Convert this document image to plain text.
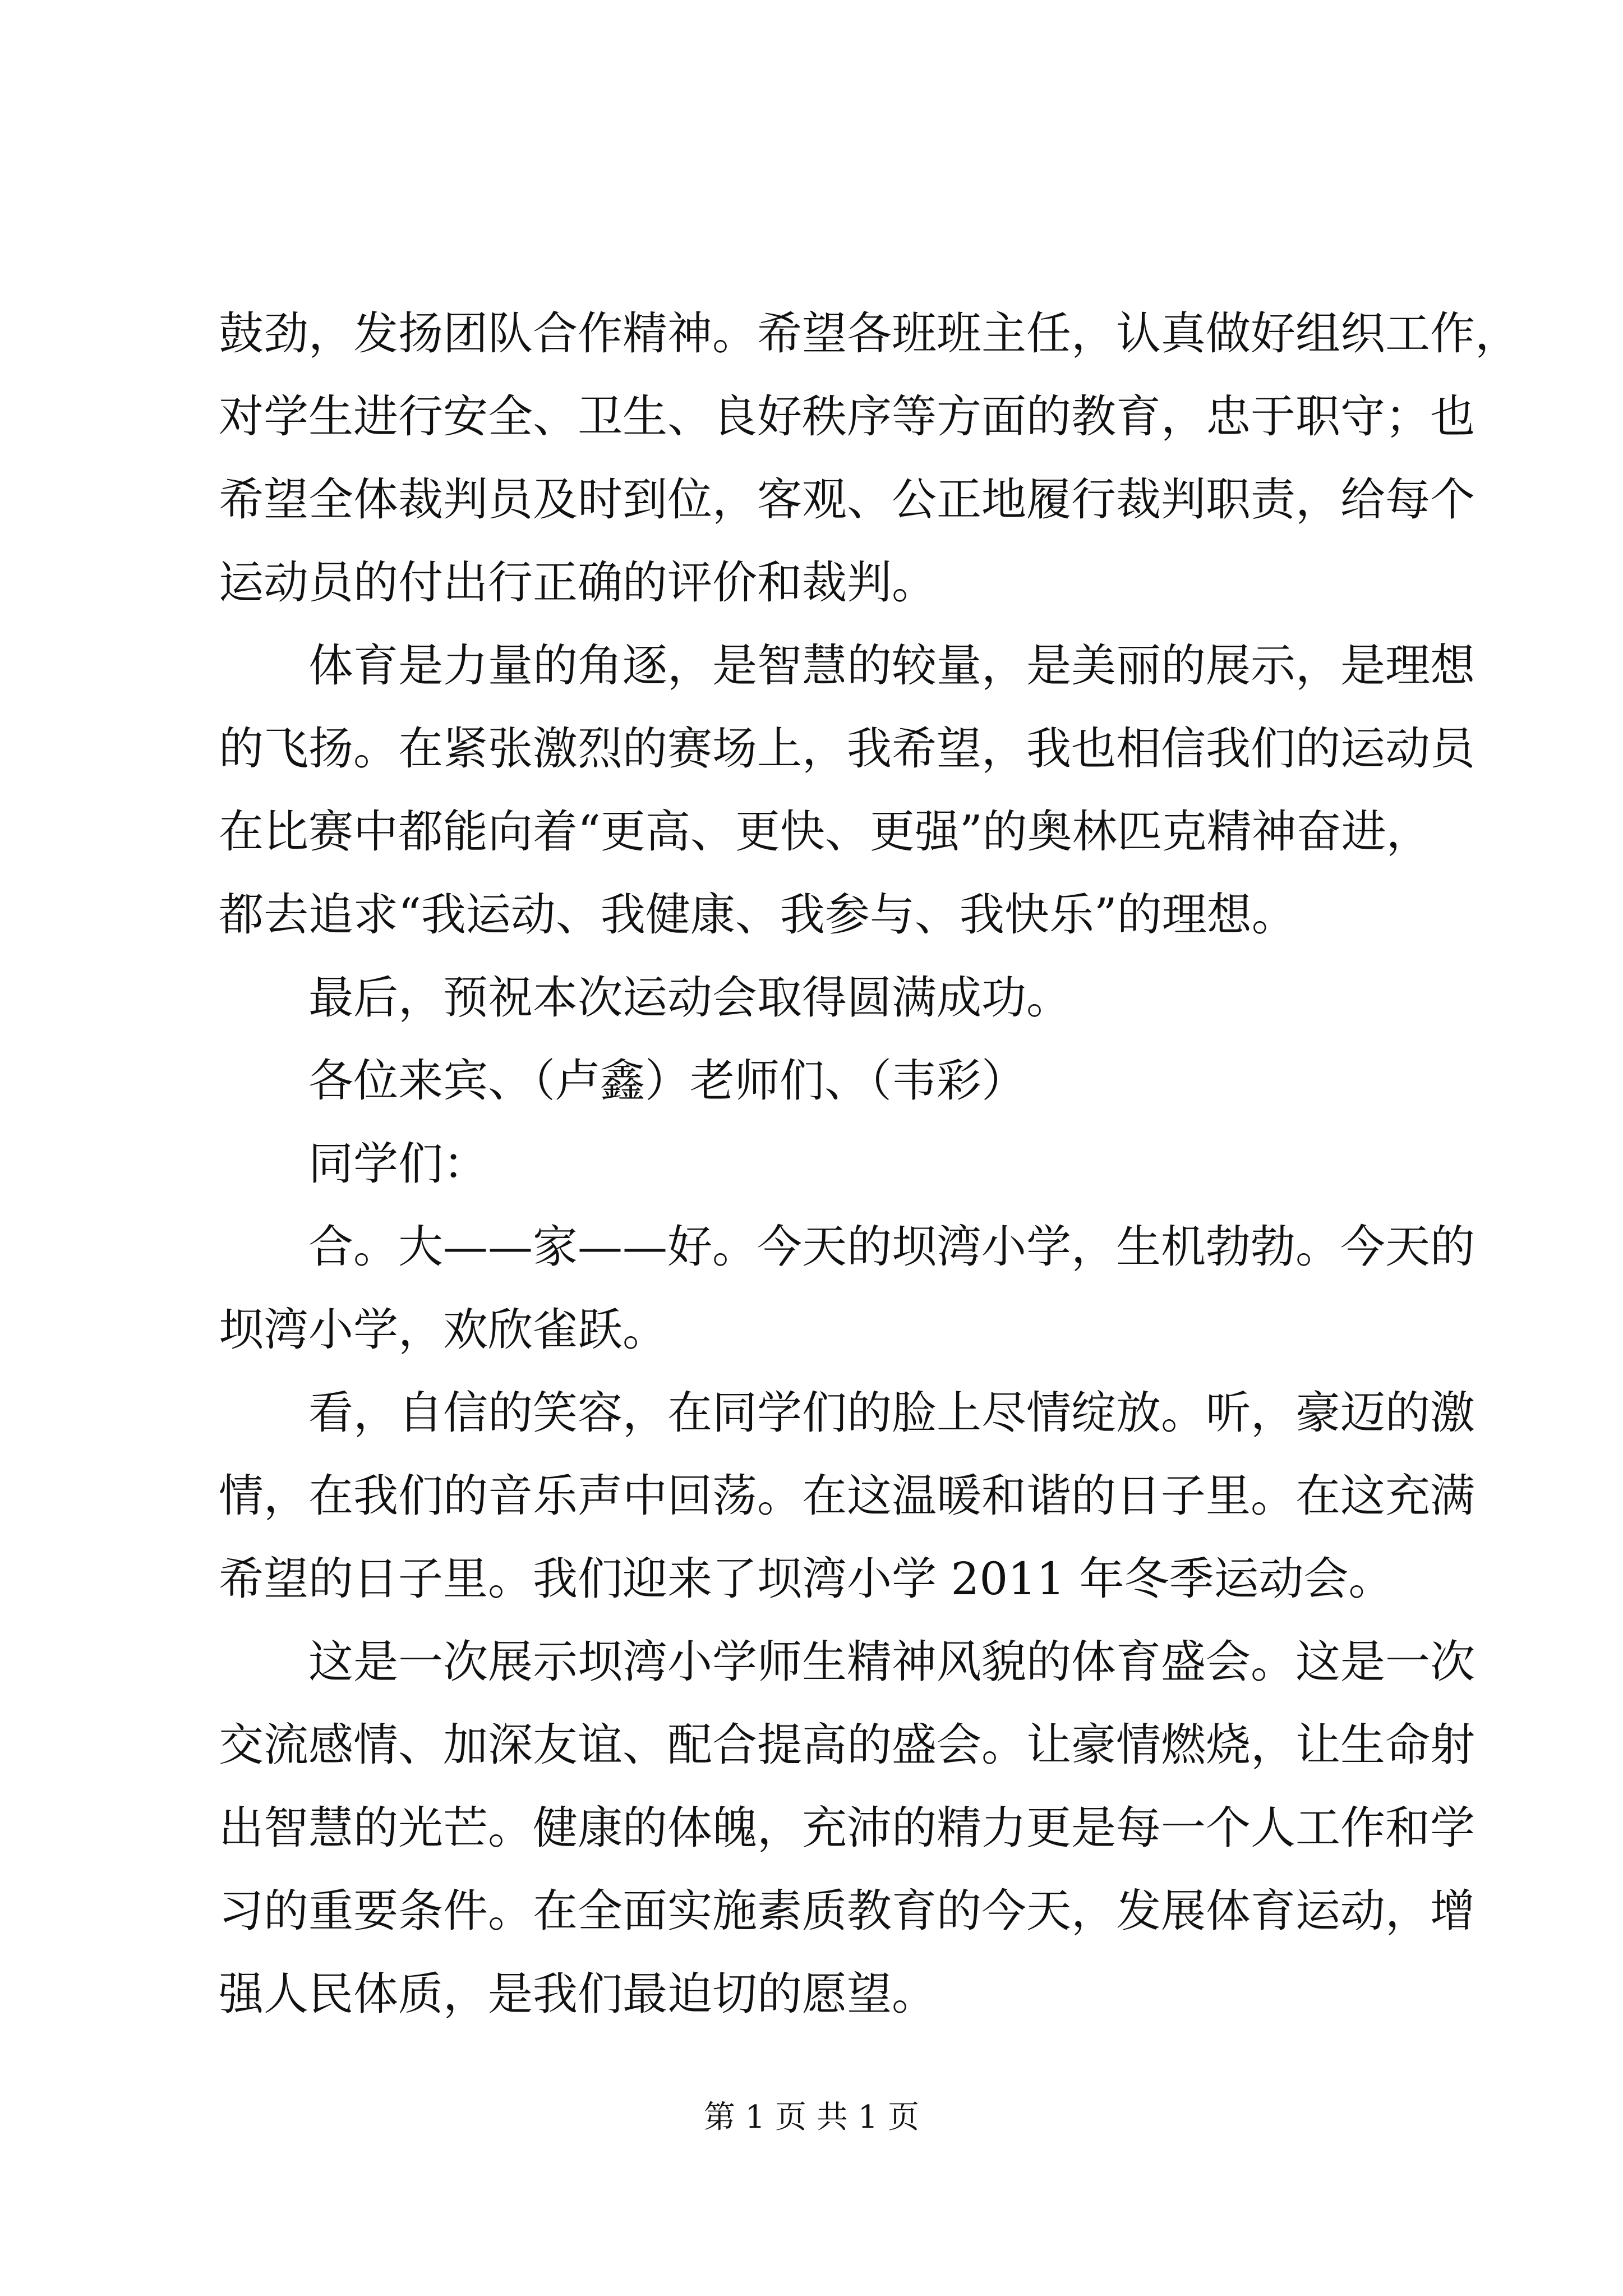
鼓劲，发扬团队合作精神。希望各班班主任，认真做好组织工作，
对学生进行安全、卫生、良好秩序等方面的教育，忠于职守；也
希望全体裁判员及时到位，客观、公正地履行裁判职责，给每个
运动员的付出行正确的评价和裁判。
体育是力量的角逐，是智慧的较量，是美丽的展示，是理想
的飞扬。在紧张激烈的赛场上，我希望，我也相信我们的运动员
在比赛中都能向着“更高、更快、更强”的奥林匹克精神奋进，
都去追求“我运动、我健康、我参与、我快乐”的理想。
最后，预祝本次运动会取得圆满成功。
各位来宾、（卢鑫）老师们、（韦彩）
同学们：
合。大——家——好。今天的坝湾小学，生机勃勃。今天的
坝湾小学，欢欣雀跃。
看，自信的笑容，在同学们的脸上尽情绽放。听，豪迈的激
情，在我们的音乐声中回荡。在这温暖和谐的日子里。在这充满
希望的日子里。我们迎来了坝湾小学 2011 年冬季运动会。
这是一次展示坝湾小学师生精神风貌的体育盛会。这是一次
交流感情、加深友谊、配合提高的盛会。让豪情燃烧，让生命射
出智慧的光芒。健康的体魄，充沛的精力更是每一个人工作和学
习的重要条件。在全面实施素质教育的今天，发展体育运动，增
强人民体质，是我们最迫切的愿望。
第 1 页 共 1 页
